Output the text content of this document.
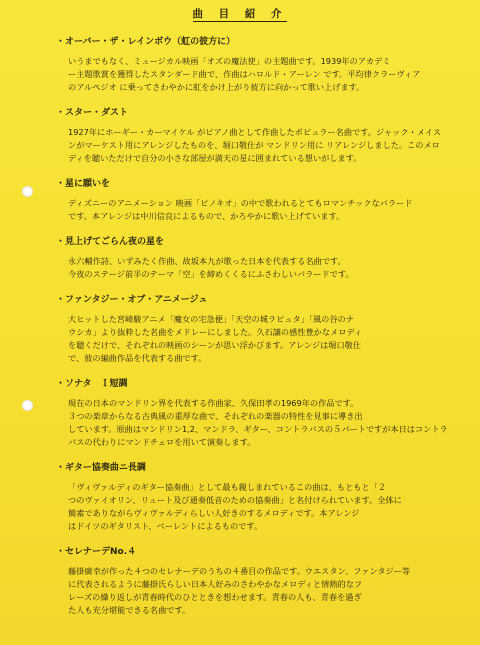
曲 目 紹 介
・オーバー・ザ・レインボウ（虹の彼方に）
いうまでもなく、ミュージカル映画「オズの魔法使」の主題曲です。1939年のアカデミ
ー主題歌賞を獲得したスタンダード曲で、作曲はハロルド・アーレン です。平均律クラーヴィア
のアルペジオ に乗ってさわやかに虹をかけ上がり彼方に向かって歌い上げます。
・スター・ダスト
1927年にホーギー・カーマイケル がピアノ曲として作曲したポピュラー名曲です。ジャック・メイス
ンがマーケスト用にアレンジしたものを、堀口敬仕が マンドリン用に リアレンジしました。このメロ
ディを聴いただけで自分の小さな部屋が満天の星に囲まれている想いがします。
・星に願いを
ディズニーのアニメーション 映画「ピノキオ」の中で歌われるとてもロマンチックなバラード
です。本アレンジは中川信良によるもので、かろやかに歌い上げています。
・見上げてごらん夜の星を
永六輔作詩、いずみたく作曲、故坂本九が歌った日本を代表する名曲です。
今夜のステージ前半のテーマ「空」を締めくくるにふさわしいバラードです。
・ファンタジー・オブ・アニメージュ
大ヒットした宮崎駿アニメ「魔女の宅急便」「天空の城ラピュタ」「風の谷のナ
ウシカ」より抜粋した名曲をメドレーにしました。久石譲の感性豊かなメロディ
を聴くだけで、それぞれの映画のシーンが思い浮かびます。アレンジは堀口敬仕
で、彼の編曲作品を代表する曲です。
・ソナタ　Ｉ短調
現在の日本のマンドリン界を代表する作曲家、久保田孝の1969年の作品です。
３つの楽章からなる古典風の重厚な曲で、それぞれの楽器の特性を見事に導き出
しています。原曲はマンドリン1,2、マンドラ、ギター、コントラバスの５パートですが本日はコントラ
バスの代わりにマンドチェロを用いて演奏します。
・ギター協奏曲ニ長調
「ヴィヴァルディのギター協奏曲」として最も親しまれているこの曲は、もともと「２
つのヴァイオリン、リュート及び通奏低音のための協奏曲」と名付けられています。全体に
簡素でありながらヴィヴァルディらしい人好きのするメロディです。本アレンジ
はドイツのギタリスト、ベーレントによるものです。
・セレナーデNo.４
藤掛廣幸が作った４つのセレナーデのうちの４番目の作品です。ウエスタン、ファンタジー等
に代表されるように藤掛氏らしい日本人好みのさわやかなメロディと情熱的なフ
レーズの繰り返しが青春時代のひとときを想わせます。青春の人も、青春を過ぎ
た人も充分堪能できる名曲です。
